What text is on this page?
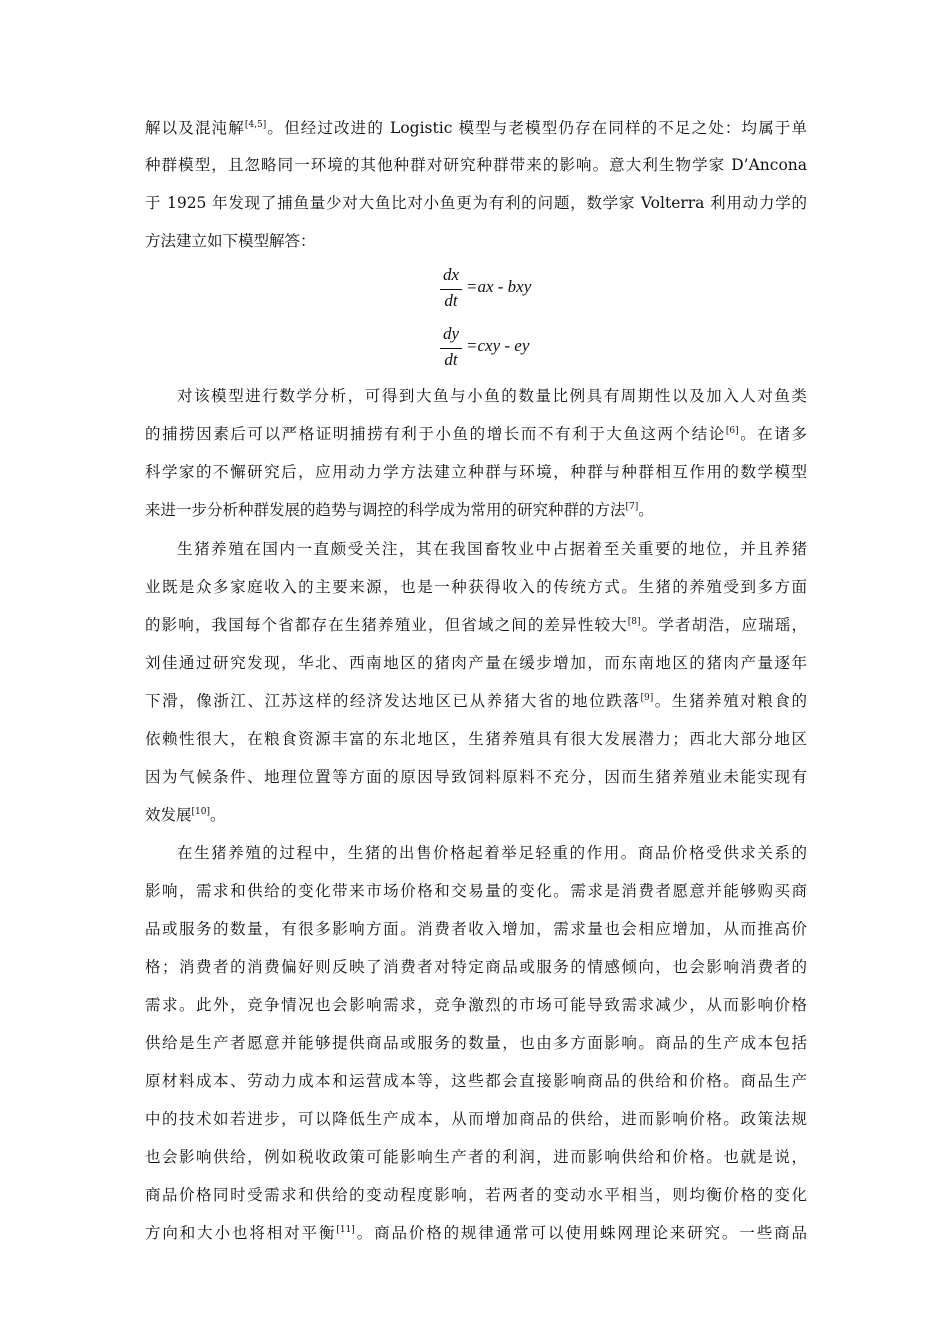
解以及混沌解[4,5]。但经过改进的 Logistic 模型与老模型仍存在同样的不足之处：均属于单
种群模型，且忽略同一环境的其他种群对研究种群带来的影响。意大利生物学家 D’Ancona
于 1925 年发现了捕鱼量少对大鱼比对小鱼更为有利的问题，数学家 Volterra 利用动力学的
方法建立如下模型解答：
dx
dt
=ax - bxy
dy
dt
=cxy - ey
对该模型进行数学分析，可得到大鱼与小鱼的数量比例具有周期性以及加入人对鱼类
的捕捞因素后可以严格证明捕捞有利于小鱼的增长而不有利于大鱼这两个结论[6]。在诸多
科学家的不懈研究后，应用动力学方法建立种群与环境，种群与种群相互作用的数学模型
来进一步分析种群发展的趋势与调控的科学成为常用的研究种群的方法[7]。
生猪养殖在国内一直颇受关注，其在我国畜牧业中占据着至关重要的地位，并且养猪
业既是众多家庭收入的主要来源，也是一种获得收入的传统方式。生猪的养殖受到多方面
的影响，我国每个省都存在生猪养殖业，但省域之间的差异性较大[8]。学者胡浩，应瑞瑶，
刘佳通过研究发现，华北、西南地区的猪肉产量在缓步增加，而东南地区的猪肉产量逐年
下滑，像浙江、江苏这样的经济发达地区已从养猪大省的地位跌落[9]。生猪养殖对粮食的
依赖性很大，在粮食资源丰富的东北地区，生猪养殖具有很大发展潜力；西北大部分地区
因为气候条件、地理位置等方面的原因导致饲料原料不充分，因而生猪养殖业未能实现有
效发展[10]。
在生猪养殖的过程中，生猪的出售价格起着举足轻重的作用。商品价格受供求关系的
影响，需求和供给的变化带来市场价格和交易量的变化。需求是消费者愿意并能够购买商
品或服务的数量，有很多影响方面。消费者收入增加，需求量也会相应增加，从而推高价
格；消费者的消费偏好则反映了消费者对特定商品或服务的情感倾向，也会影响消费者的
需求。此外，竞争情况也会影响需求，竞争激烈的市场可能导致需求减少，从而影响价格
供给是生产者愿意并能够提供商品或服务的数量，也由多方面影响。商品的生产成本包括
原材料成本、劳动力成本和运营成本等，这些都会直接影响商品的供给和价格。商品生产
中的技术如若进步，可以降低生产成本，从而增加商品的供给，进而影响价格。政策法规
也会影响供给，例如税收政策可能影响生产者的利润，进而影响供给和价格。也就是说，
商品价格同时受需求和供给的变动程度影响，若两者的变动水平相当，则均衡价格的变化
方向和大小也将相对平衡[11]。商品价格的规律通常可以使用蛛网理论来研究。一些商品
